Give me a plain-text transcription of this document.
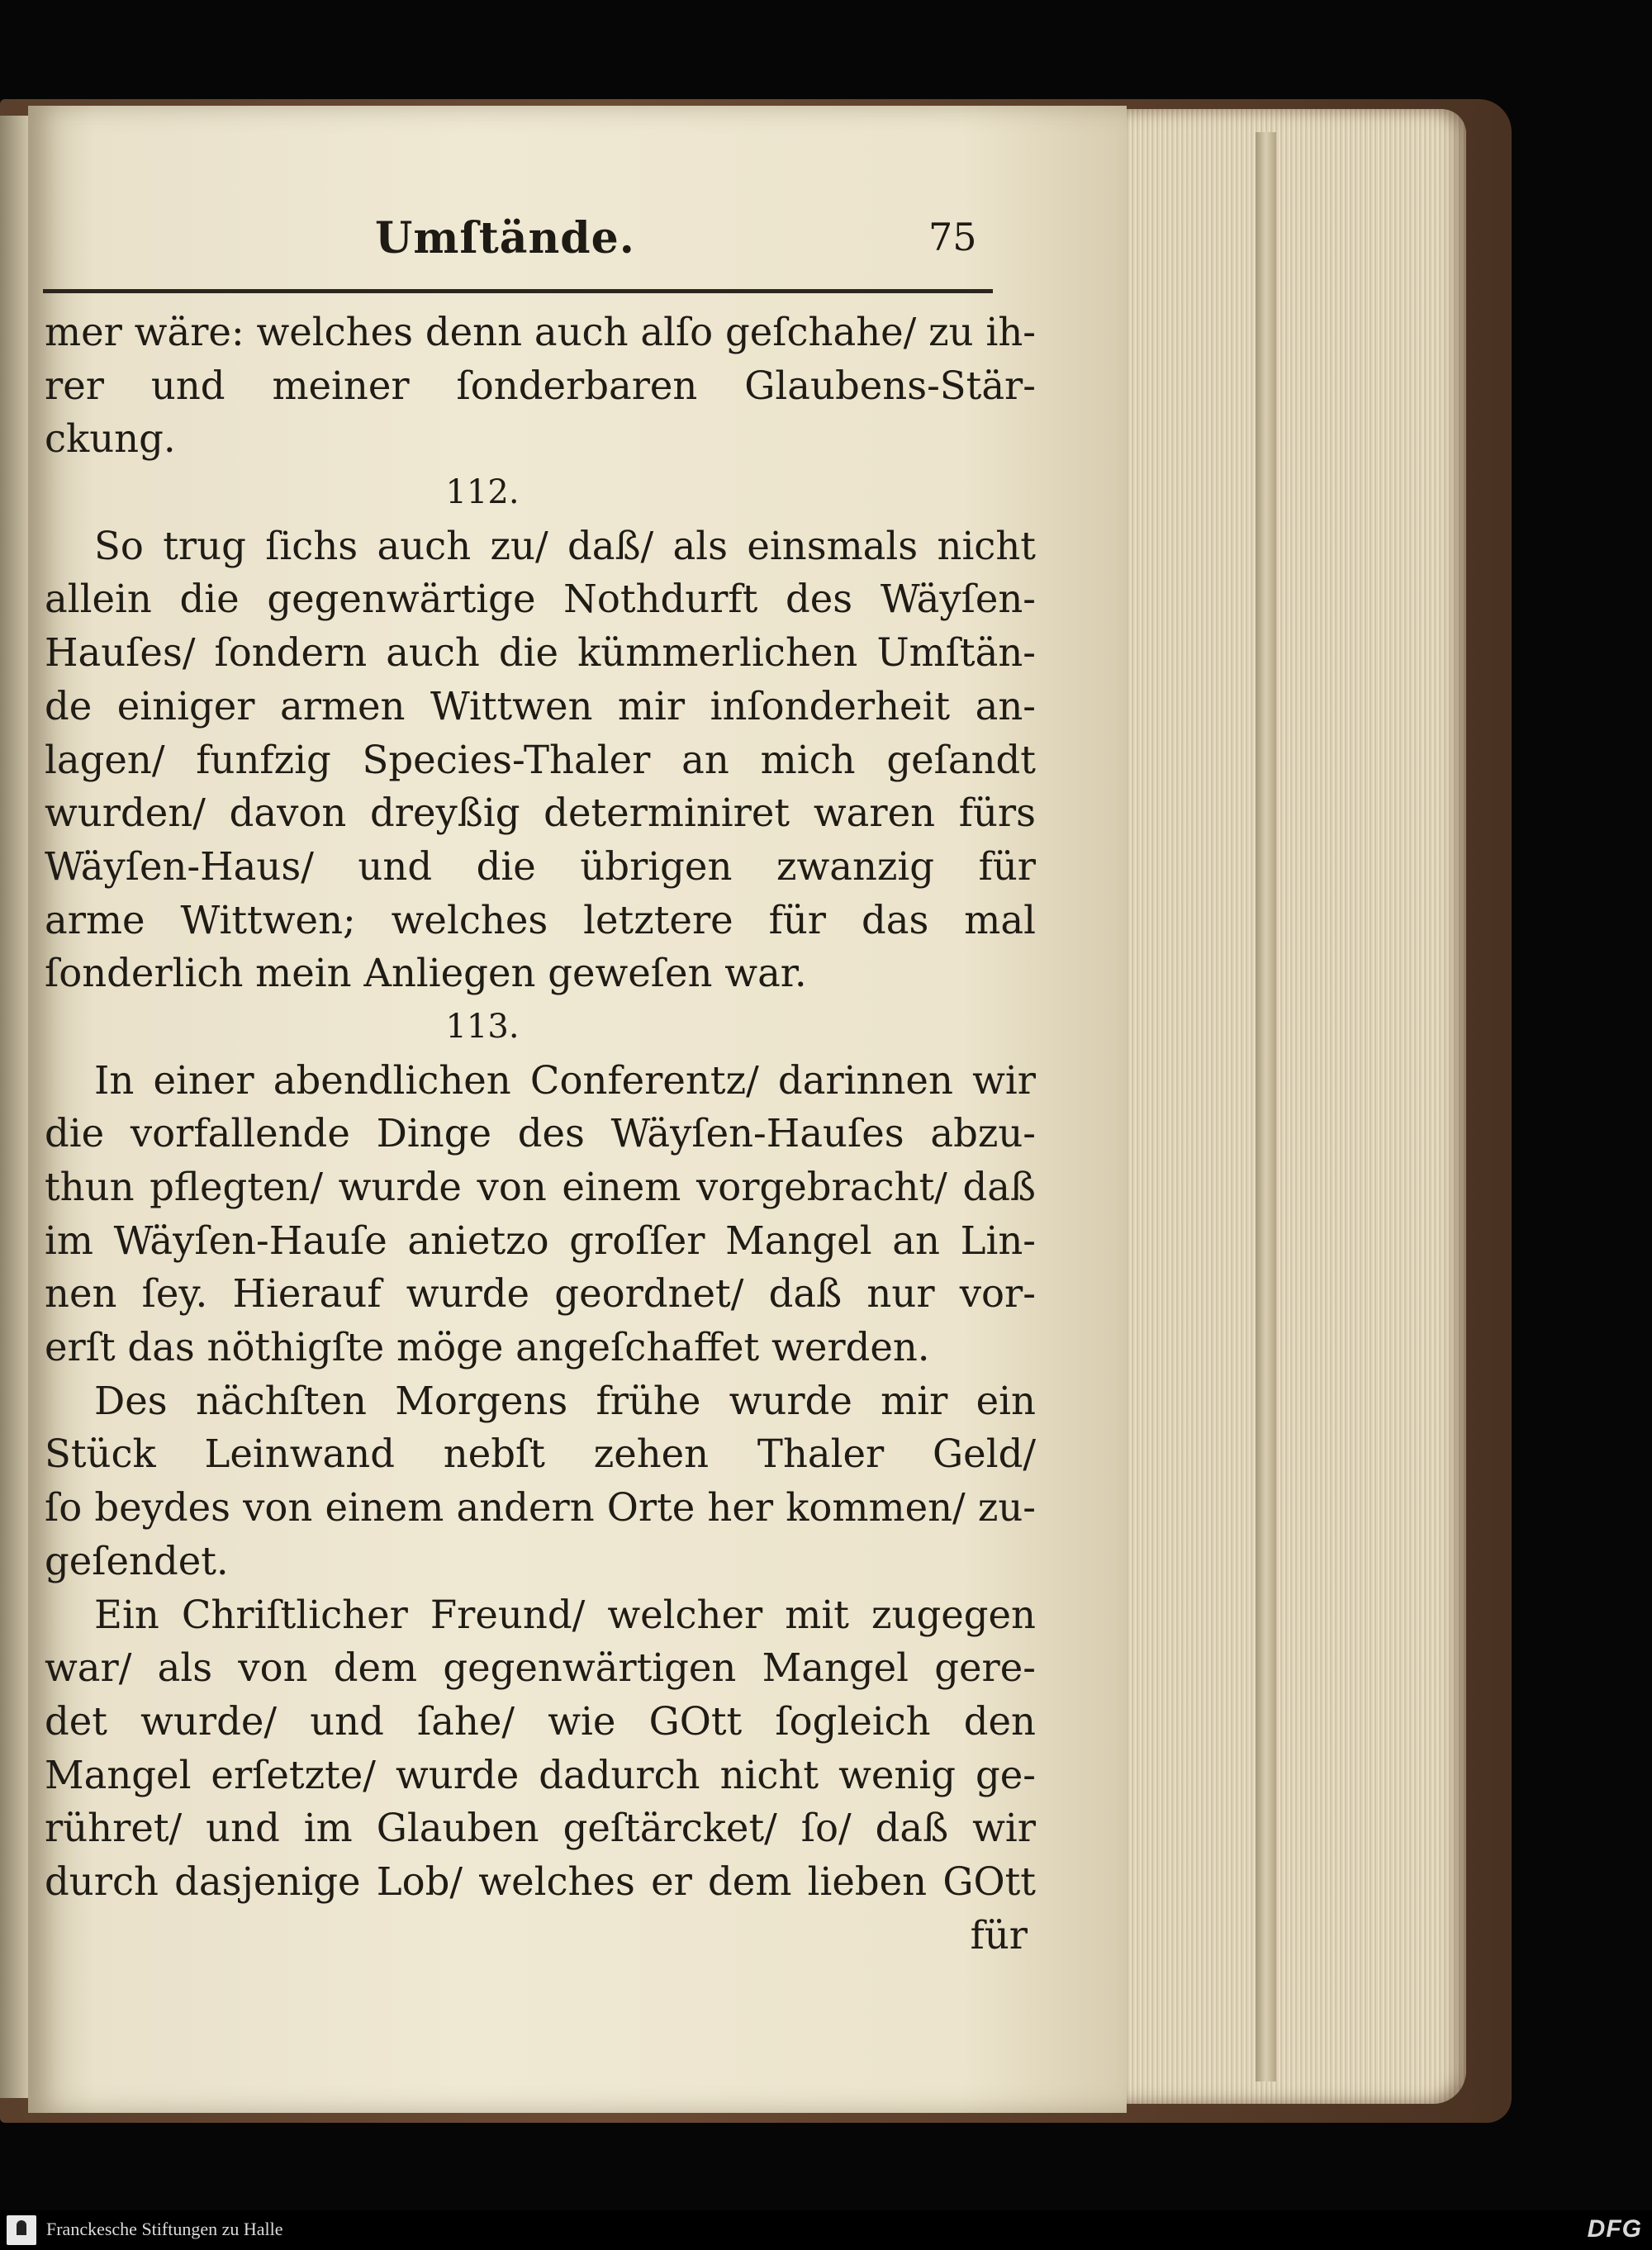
Umſtände.	75
mer wäre: welches denn auch alſo geſchahe/ zu ih-
rer und meiner ſonderbaren Glaubens-Stär-
ckung.
112.
So trug ſichs auch zu/ daß/ als einsmals nicht
allein die gegenwärtige Nothdurft des Wäyſen-
Hauſes/ ſondern auch die kümmerlichen Umſtän-
de einiger armen Wittwen mir inſonderheit an-
lagen/ funfzig Species-Thaler an mich geſandt
wurden/ davon dreyßig determiniret waren fürs
Wäyſen-Haus/ und die übrigen zwanzig für
arme Wittwen; welches letztere für das mal
ſonderlich mein Anliegen geweſen war.
113.
In einer abendlichen Conferentz/ darinnen wir
die vorfallende Dinge des Wäyſen-Hauſes abzu-
thun pflegten/ wurde von einem vorgebracht/ daß
im Wäyſen-Hauſe anietzo groſſer Mangel an Lin-
nen ſey. Hierauf wurde geordnet/ daß nur vor-
erſt das nöthigſte möge angeſchaffet werden.
Des nächſten Morgens frühe wurde mir ein
Stück Leinwand nebſt zehen Thaler Geld/
ſo beydes von einem andern Orte her kommen/ zu-
geſendet.
Ein Chriſtlicher Freund/ welcher mit zugegen
war/ als von dem gegenwärtigen Mangel gere-
det wurde/ und ſahe/ wie GOtt ſogleich den
Mangel erſetzte/ wurde dadurch nicht wenig ge-
rühret/ und im Glauben geſtärcket/ ſo/ daß wir
durch dasjenige Lob/ welches er dem lieben GOtt
für
Franckesche Stiftungen zu Halle	DFG
